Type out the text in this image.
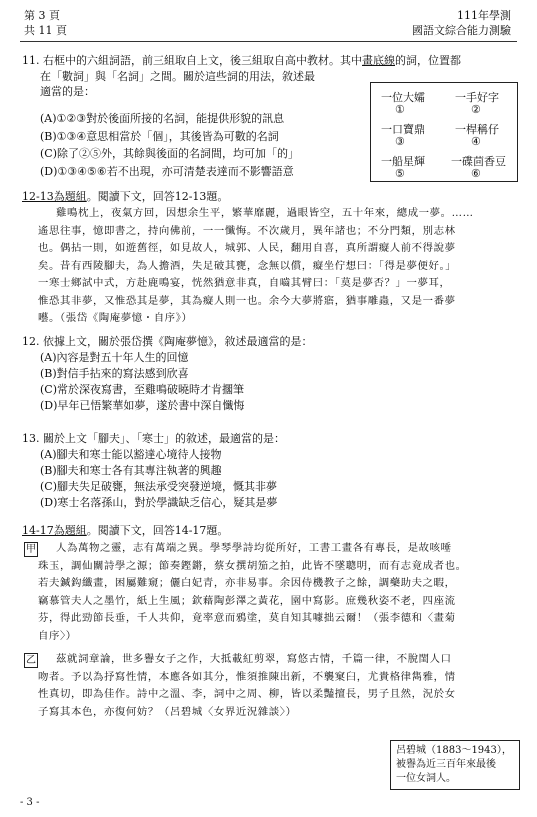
第 3 頁
共 11 頁
111年學測
國語文綜合能力測驗
11. 右框中的六組詞語，前三組取自上文，後三組取自高中教材。其中畫底線的詞，位置都
在「數詞」與「名詞」之間。關於這些詞的用法，敘述最
適當的是：
(A)①②③對於後面所接的名詞，能提供形貌的訊息
(B)①③④意思相當於「個」，其後皆為可數的名詞
(C)除了②⑤外，其餘與後面的名詞間，均可加「的」
(D)①③④⑤⑥若不出現，亦可清楚表達而不影響語意
一位大孀
①
一手好字
②
一口寶鼎
③
一桿稱仔
④
一船星輝
⑤
一碟茴香豆
⑥
12-13為題組。閱讀下文，回答12-13題。
雞鳴枕上，夜氣方回，因想余生平，繁華靡麗，過眼皆空，五十年來，總成一夢。……
遙思往事，憶即書之，持向佛前，一一懺悔。不次歲月，異年諸也；不分門類，別志林
也。偶拈一則，如遊舊徑，如見故人，城郭、人民，翻用自喜，真所謂癡人前不得說夢
矣。昔有西陵腳夫，為人擔酒，失足破其甕，念無以償，癡坐佇想曰：「得是夢便好。」
一寒士鄉試中式，方赴鹿鳴宴，恍然猶意非真，自嚙其臂曰：「莫是夢否？」一夢耳，
惟恐其非夢，又惟恐其是夢，其為癡人則一也。余今大夢將寤，猶事雕蟲，又是一番夢
囈。（張岱《陶庵夢憶・自序》）
12. 依據上文，關於張岱撰《陶庵夢憶》，敘述最適當的是：
(A)內容是對五十年人生的回憶
(B)對信手拈來的寫法感到欣喜
(C)常於深夜寫書，至雞鳴破曉時才肯擱筆
(D)早年已悟繁華如夢，遂於書中深自懺悔
13. 關於上文「腳夫」、「寒士」的敘述，最適當的是：
(A)腳夫和寒士能以豁達心境待人接物
(B)腳夫和寒士各有其專注執著的興趣
(C)腳夫失足破甕，無法承受突發逆境，慨其非夢
(D)寒士名落孫山，對於學識缺乏信心，疑其是夢
14-17為題組。閱讀下文，回答14-17題。
甲	人為萬物之靈，志有萬端之異。學琴學詩均從所好，工書工畫各有專長，是故咳唾
珠玉，調仙關詩學之源；節奏鏗鏘，蔡女撰胡笳之拍，此皆不墜聰明，而有志竟成者也。
若夫鍼鈎纖畫，困屬難窺；儷白妃青，亦非易事。余因侍機教子之餘，調藥助夫之暇，
竊慕管夫人之墨竹，紙上生風；欽藉陶彭澤之黃花，園中寫影。庶幾秋姿不老，四座流
芬，得此勁節長垂，千人共仰，竟率意而鴉塗，莫自知其噱拙云爾！（張李德和〈畫菊
自序〉）
乙	茲就詞章論，世多譽女子之作，大抵載紅剪翠，寫悠古情，千篇一律，不脫閨人口
吻者。予以為抒寫性情，本應各如其分，惟須推陳出新，不襲窠臼，尤貴格律雋雅，情
性真切，即為佳作。詩中之溫、李，詞中之周、柳，皆以柔豔擅長，男子且然，況於女
子寫其本色，亦復何妨？（呂碧城〈女界近況雜談〉）
呂碧城（1883～1943），
被譽為近三百年來最後
一位女詞人。
- 3 -
